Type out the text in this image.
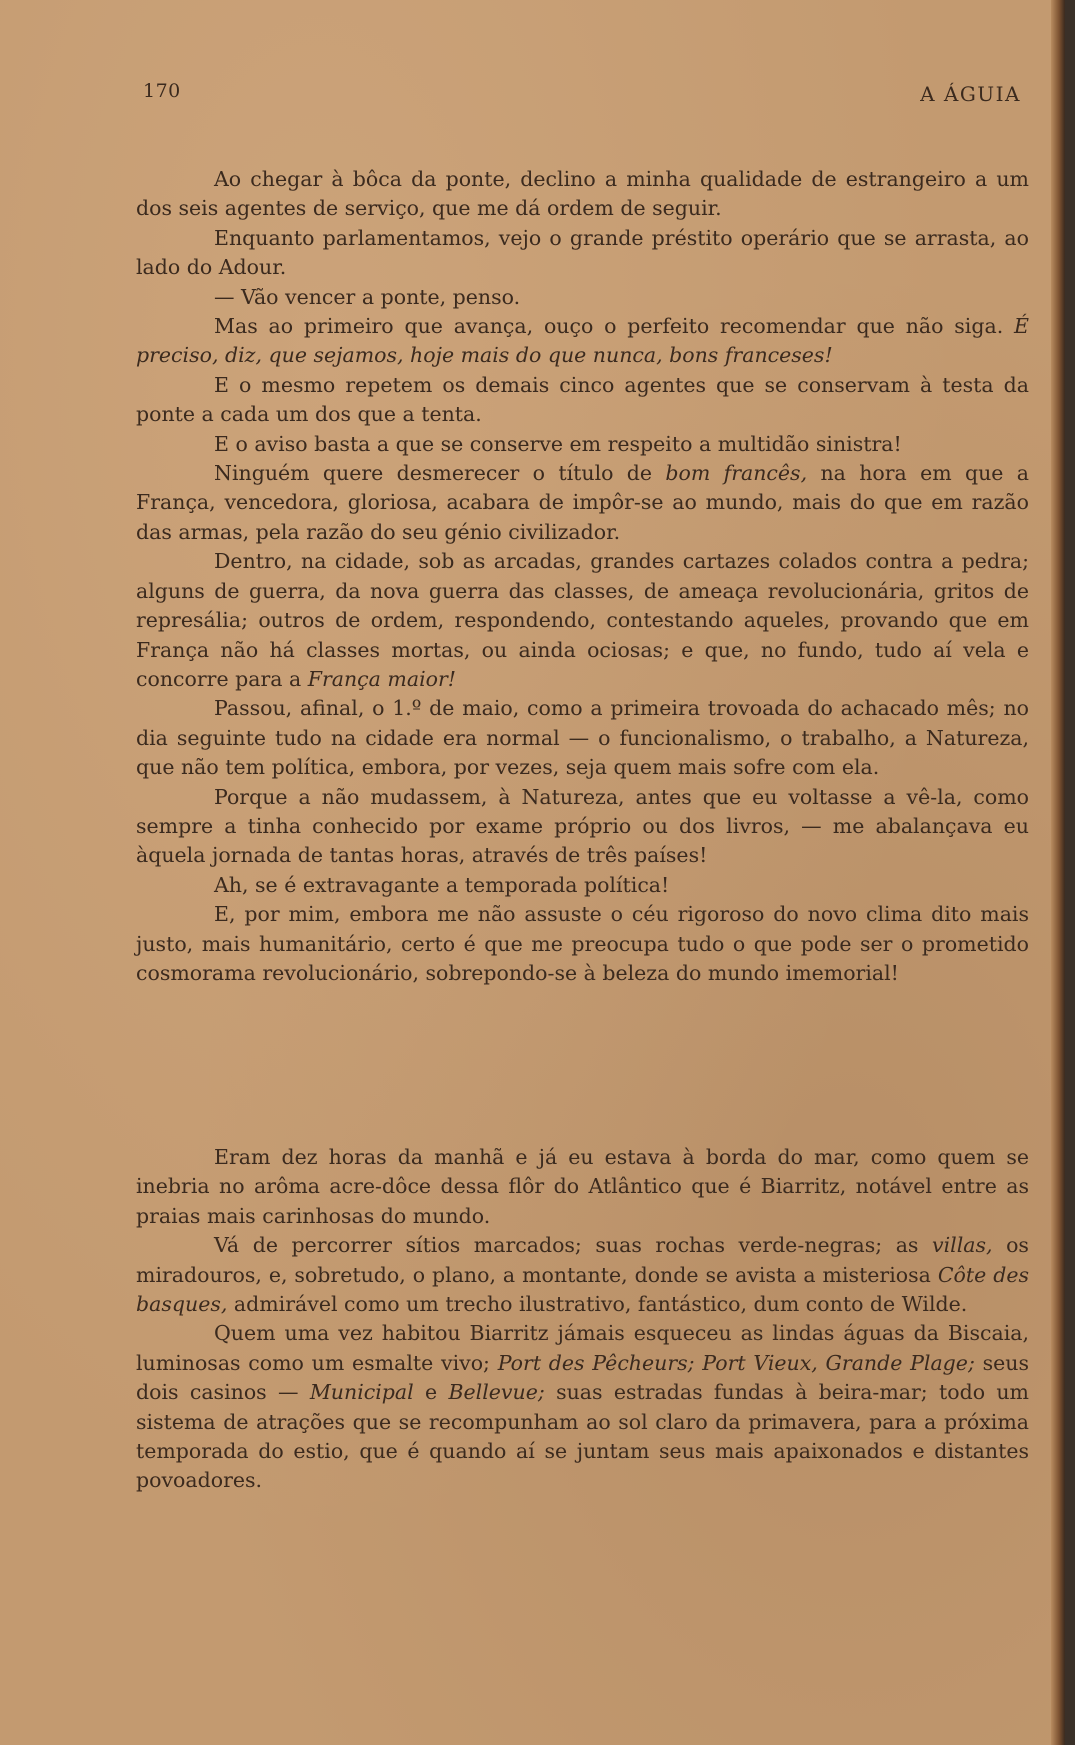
170	A ÁGUIA

Ao chegar à bôca da ponte, declino a minha qualidade de estrangeiro a um dos seis agentes de serviço, que me dá ordem de seguir.

Enquanto parlamentamos, vejo o grande préstito operário que se arrasta, ao lado do Adour.

— Vão vencer a ponte, penso.

Mas ao primeiro que avança, ouço o perfeito recomendar que não siga. É preciso, diz, que sejamos, hoje mais do que nunca, bons franceses!

E o mesmo repetem os demais cinco agentes que se conservam à testa da ponte a cada um dos que a tenta.

E o aviso basta a que se conserve em respeito a multidão sinistra!

Ninguém quere desmerecer o título de bom francês, na hora em que a França, vencedora, gloriosa, acabara de impôr-se ao mundo, mais do que em razão das armas, pela razão do seu génio civilizador.

Dentro, na cidade, sob as arcadas, grandes cartazes colados contra a pedra; alguns de guerra, da nova guerra das classes, de ameaça revolucionária, gritos de represália; outros de ordem, respondendo, contestando aqueles, provando que em França não há classes mortas, ou ainda ociosas; e que, no fundo, tudo aí vela e concorre para a França maior!

Passou, afinal, o 1.º de maio, como a primeira trovoada do achacado mês; no dia seguinte tudo na cidade era normal — o funcionalismo, o trabalho, a Natureza, que não tem política, embora, por vezes, seja quem mais sofre com ela.

Porque a não mudassem, à Natureza, antes que eu voltasse a vê-la, como sempre a tinha conhecido por exame próprio ou dos livros, — me abalançava eu àquela jornada de tantas horas, através de três países!

Ah, se é extravagante a temporada política!

E, por mim, embora me não assuste o céu rigoroso do novo clima dito mais justo, mais humanitário, certo é que me preocupa tudo o que pode ser o prometido cosmorama revolucionário, sobrepondo-se à beleza do mundo imemorial!

Eram dez horas da manhã e já eu estava à borda do mar, como quem se inebria no arôma acre-dôce dessa flôr do Atlântico que é Biarritz, notável entre as praias mais carinhosas do mundo.

Vá de percorrer sítios marcados; suas rochas verde-negras; as villas, os miradouros, e, sobretudo, o plano, a montante, donde se avista a misteriosa Côte des basques, admirável como um trecho ilustrativo, fantástico, dum conto de Wilde.

Quem uma vez habitou Biarritz jámais esqueceu as lindas águas da Biscaia, luminosas como um esmalte vivo; Port des Pêcheurs; Port Vieux, Grande Plage; seus dois casinos — Municipal e Bellevue; suas estradas fundas à beira-mar; todo um sistema de atrações que se recompunham ao sol claro da primavera, para a próxima temporada do estio, que é quando aí se juntam seus mais apaixonados e distantes povoadores.
